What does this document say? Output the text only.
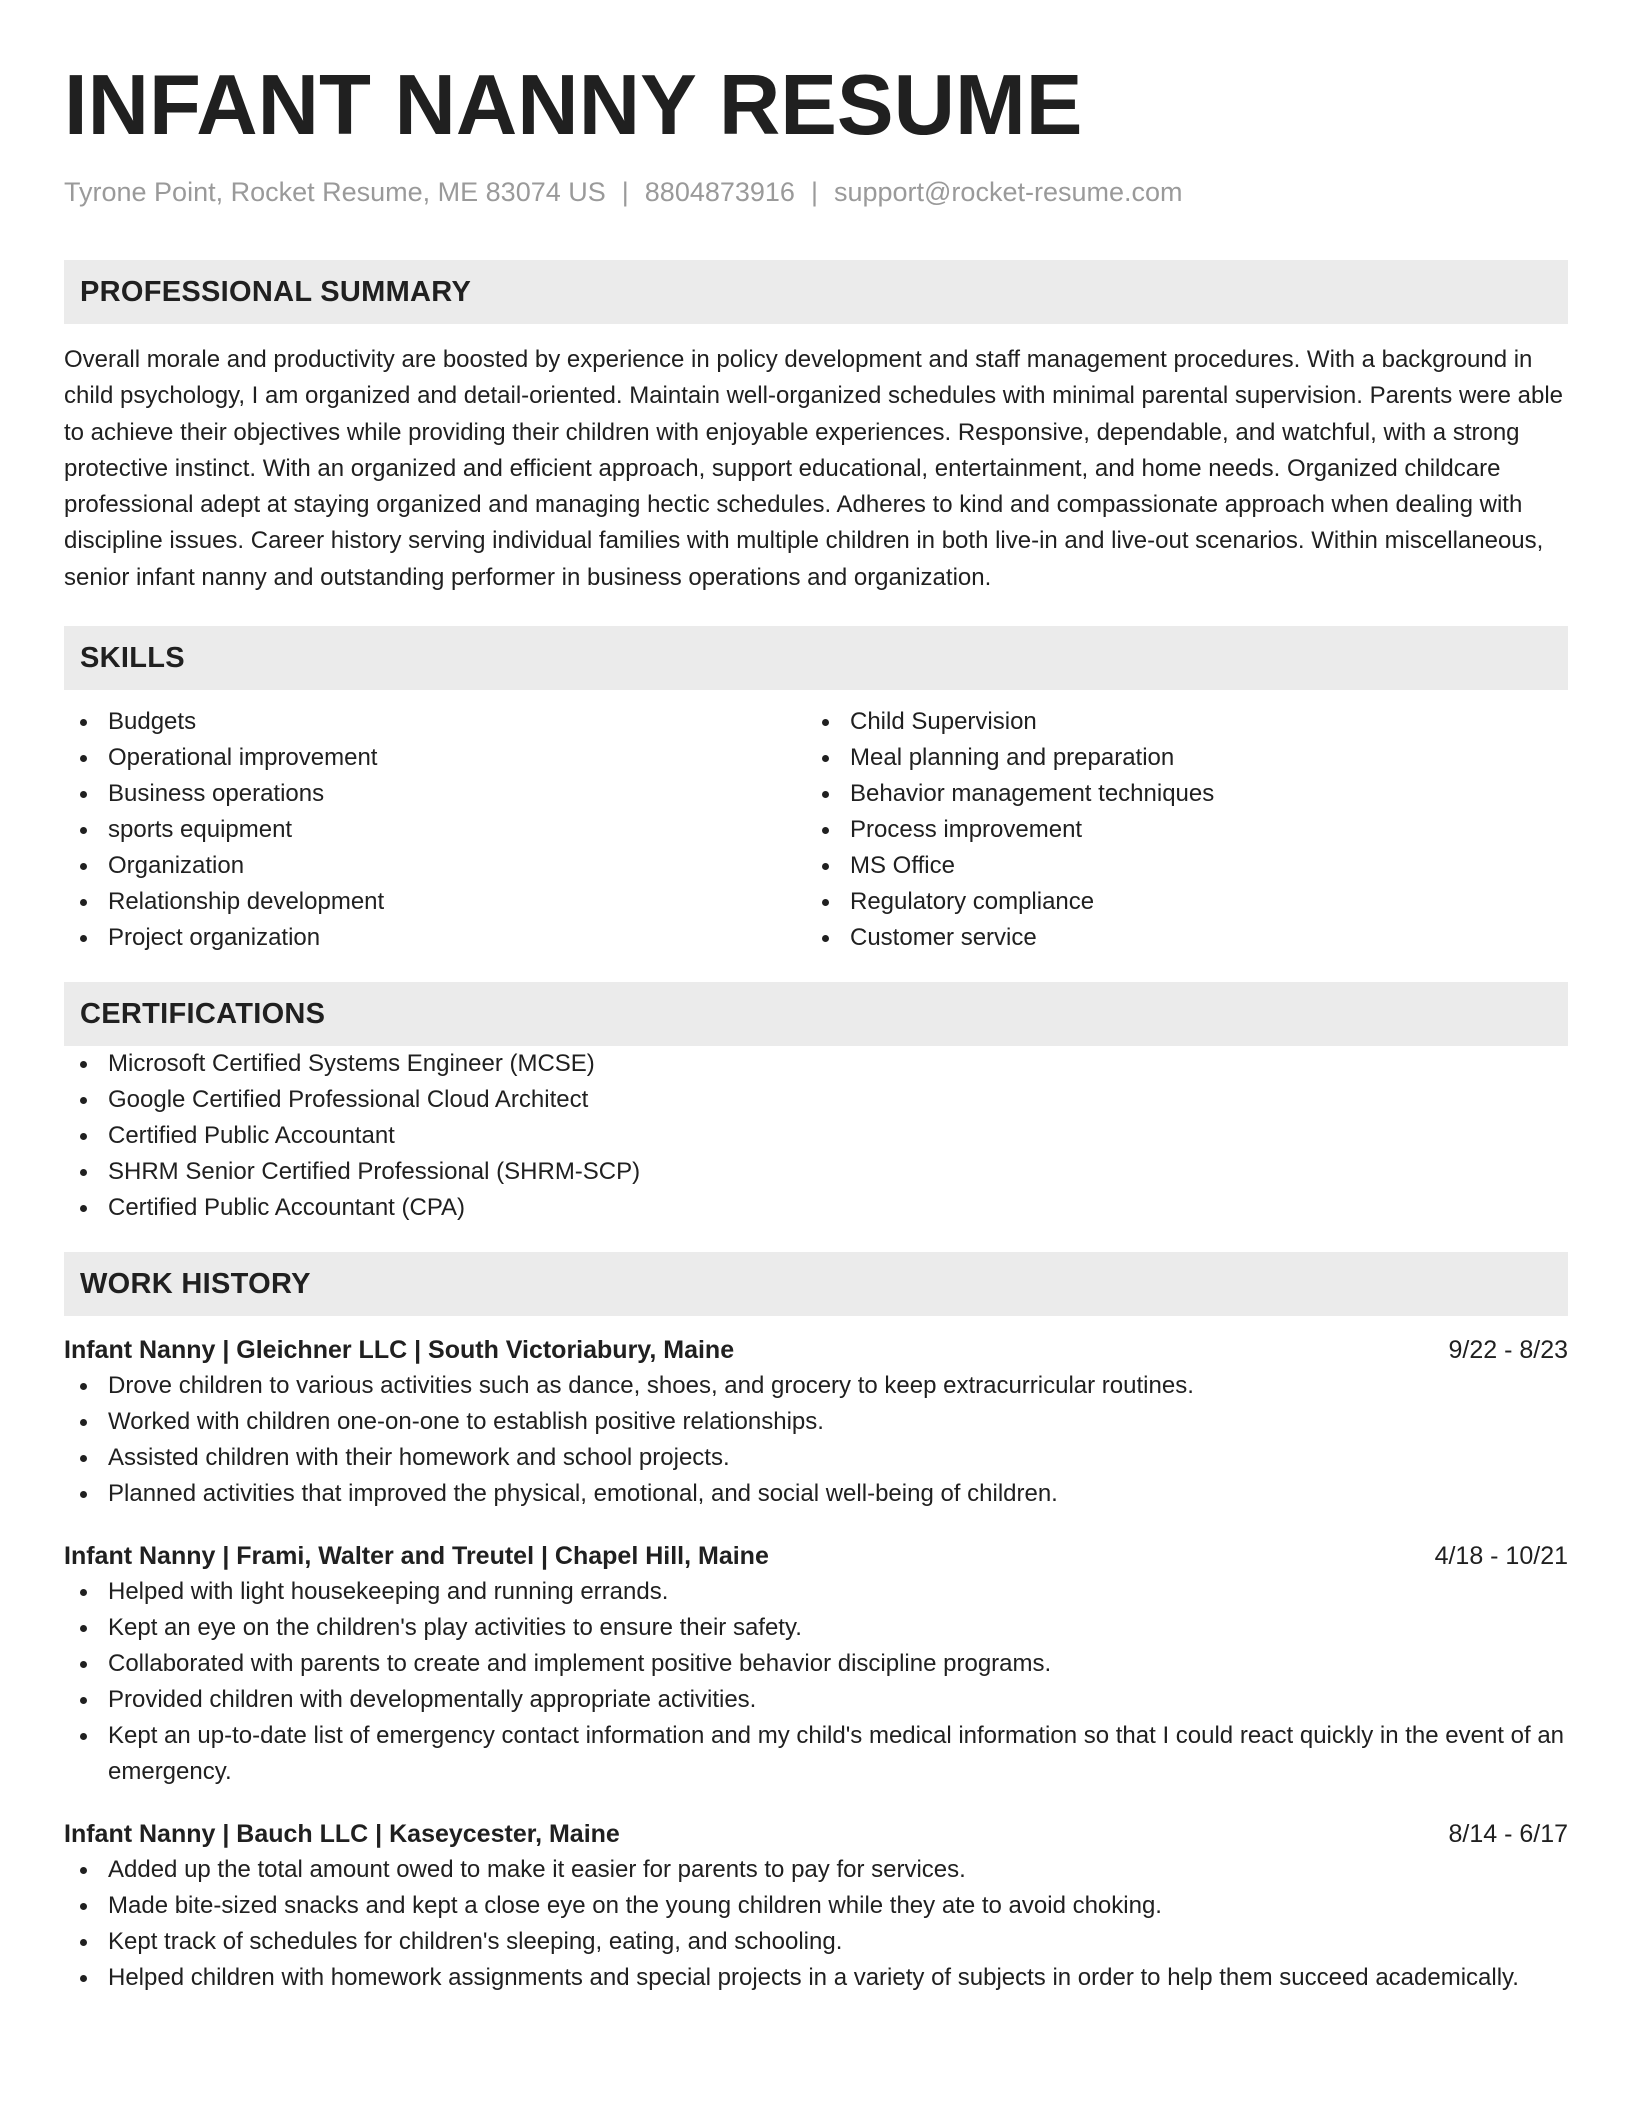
INFANT NANNY RESUME
Tyrone Point, Rocket Resume, ME 83074 US | 8804873916 | support@rocket-resume.com
PROFESSIONAL SUMMARY
Overall morale and productivity are boosted by experience in policy development and staff management procedures. With a background in child psychology, I am organized and detail-oriented. Maintain well-organized schedules with minimal parental supervision. Parents were able to achieve their objectives while providing their children with enjoyable experiences. Responsive, dependable, and watchful, with a strong protective instinct. With an organized and efficient approach, support educational, entertainment, and home needs. Organized childcare professional adept at staying organized and managing hectic schedules. Adheres to kind and compassionate approach when dealing with discipline issues. Career history serving individual families with multiple children in both live-in and live-out scenarios. Within miscellaneous, senior infant nanny and outstanding performer in business operations and organization.
SKILLS
Budgets
Operational improvement
Business operations
sports equipment
Organization
Relationship development
Project organization
Child Supervision
Meal planning and preparation
Behavior management techniques
Process improvement
MS Office
Regulatory compliance
Customer service
CERTIFICATIONS
Microsoft Certified Systems Engineer (MCSE)
Google Certified Professional Cloud Architect
Certified Public Accountant
SHRM Senior Certified Professional (SHRM-SCP)
Certified Public Accountant (CPA)
WORK HISTORY
Infant Nanny | Gleichner LLC | South Victoriabury, Maine	9/22 - 8/23
Drove children to various activities such as dance, shoes, and grocery to keep extracurricular routines.
Worked with children one-on-one to establish positive relationships.
Assisted children with their homework and school projects.
Planned activities that improved the physical, emotional, and social well-being of children.
Infant Nanny | Frami, Walter and Treutel | Chapel Hill, Maine	4/18 - 10/21
Helped with light housekeeping and running errands.
Kept an eye on the children's play activities to ensure their safety.
Collaborated with parents to create and implement positive behavior discipline programs.
Provided children with developmentally appropriate activities.
Kept an up-to-date list of emergency contact information and my child's medical information so that I could react quickly in the event of an emergency.
Infant Nanny | Bauch LLC | Kaseycester, Maine	8/14 - 6/17
Added up the total amount owed to make it easier for parents to pay for services.
Made bite-sized snacks and kept a close eye on the young children while they ate to avoid choking.
Kept track of schedules for children's sleeping, eating, and schooling.
Helped children with homework assignments and special projects in a variety of subjects in order to help them succeed academically.
